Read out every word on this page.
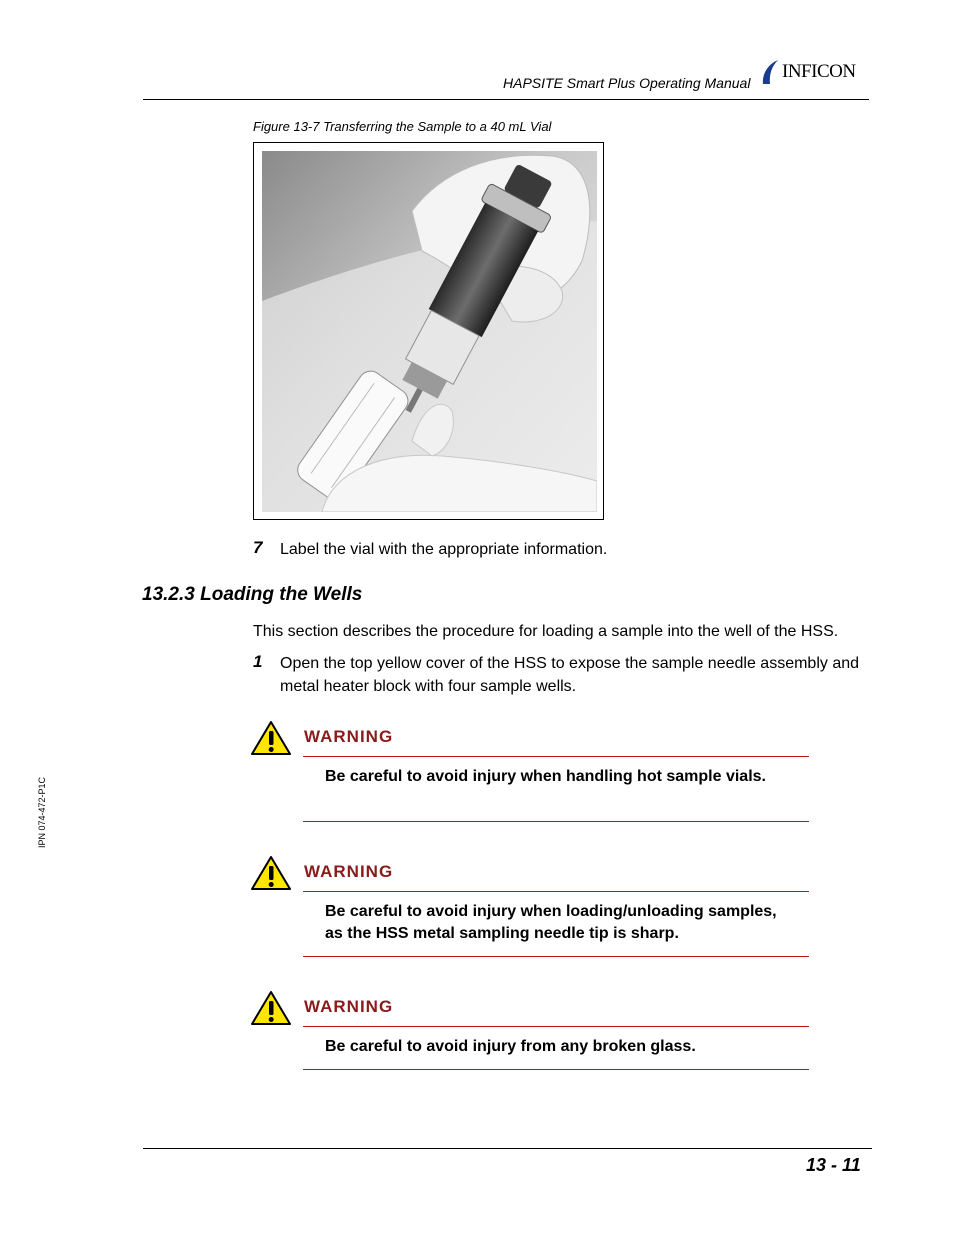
HAPSITE Smart Plus Operating Manual
INFICON
Figure 13-7 Transferring the Sample to a 40 mL Vial
7 Label the vial with the appropriate information.
13.2.3 Loading the Wells
This section describes the procedure for loading a sample into the well of the HSS.
1 Open the top yellow cover of the HSS to expose the sample needle assembly and metal heater block with four sample wells.
WARNING
Be careful to avoid injury when handling hot sample vials.
WARNING
Be careful to avoid injury when loading/unloading samples, as the HSS metal sampling needle tip is sharp.
WARNING
Be careful to avoid injury from any broken glass.
IPN 074-472-P1C
13 - 11
